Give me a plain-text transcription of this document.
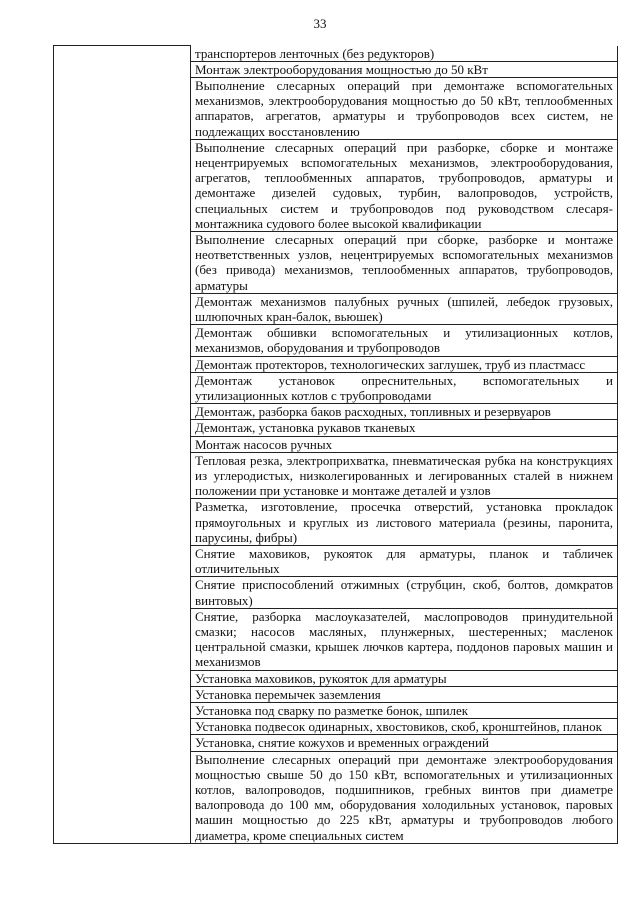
33
	транспортеров ленточных (без редукторов)
Монтаж электрооборудования мощностью до 50 кВт
Выполнение слесарных операций при демонтаже вспомогательных механизмов, электрооборудования мощностью до 50 кВт, теплообменных аппаратов, агрегатов, арматуры и трубопроводов всех систем, не подлежащих восстановлению
Выполнение слесарных операций при разборке, сборке и монтаже нецентрируемых вспомогательных механизмов, электрооборудования, агрегатов, теплообменных аппаратов, трубопроводов, арматуры и демонтаже дизелей судовых, турбин, валопроводов, устройств, специальных систем и трубопроводов под руководством слесаря-монтажника судового более высокой квалификации
Выполнение слесарных операций при сборке, разборке и монтаже неответственных узлов, нецентрируемых вспомогательных механизмов (без привода) механизмов, теплообменных аппаратов, трубопроводов, арматуры
Демонтаж механизмов палубных ручных (шпилей, лебедок грузовых, шлюпочных кран-балок, вьюшек)
Демонтаж обшивки вспомогательных и утилизационных котлов, механизмов, оборудования и трубопроводов
Демонтаж протекторов, технологических заглушек, труб из пластмасс
Демонтаж установок опреснительных, вспомогательных и утилизационных котлов с трубопроводами
Демонтаж, разборка баков расходных, топливных и резервуаров
Демонтаж, установка рукавов тканевых
Монтаж насосов ручных
Тепловая резка, электроприхватка, пневматическая рубка на конструкциях из углеродистых, низколегированных и легированных сталей в нижнем положении при установке и монтаже деталей и узлов
Разметка, изготовление, просечка отверстий, установка прокладок прямоугольных и круглых из листового материала (резины, паронита, парусины, фибры)
Снятие маховиков, рукояток для арматуры, планок и табличек отличительных
Снятие приспособлений отжимных (струбцин, скоб, болтов, домкратов винтовых)
Снятие, разборка маслоуказателей, маслопроводов принудительной смазки; насосов масляных, плунжерных, шестеренных; масленок центральной смазки, крышек лючков картера, поддонов паровых машин и механизмов
Установка маховиков, рукояток для арматуры
Установка перемычек заземления
Установка под сварку по разметке бонок, шпилек
Установка подвесок одинарных, хвостовиков, скоб, кронштейнов, планок
Установка, снятие кожухов и временных ограждений
Выполнение слесарных операций при демонтаже электрооборудования мощностью свыше 50 до 150 кВт, вспомогательных и утилизационных котлов, валопроводов, подшипников, гребных винтов при диаметре валопровода до 100 мм, оборудования холодильных установок, паровых машин мощностью до 225 кВт, арматуры и трубопроводов любого диаметра, кроме специальных систем
